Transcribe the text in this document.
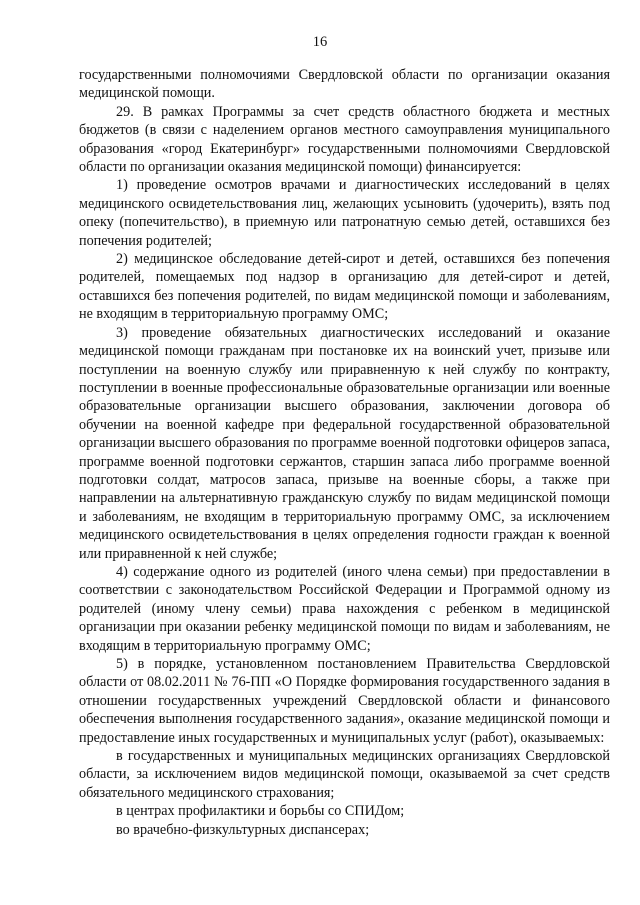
16

государственными полномочиями Свердловской области по организации оказания медицинской помощи.

29. В рамках Программы за счет средств областного бюджета и местных бюджетов (в связи с наделением органов местного самоуправления муниципального образования «город Екатеринбург» государственными полномочиями Свердловской области по организации оказания медицинской помощи) финансируется:

1) проведение осмотров врачами и диагностических исследований в целях медицинского освидетельствования лиц, желающих усыновить (удочерить), взять под опеку (попечительство), в приемную или патронатную семью детей, оставшихся без попечения родителей;

2) медицинское обследование детей-сирот и детей, оставшихся без попечения родителей, помещаемых под надзор в организацию для детей-сирот и детей, оставшихся без попечения родителей, по видам медицинской помощи и заболеваниям, не входящим в территориальную программу ОМС;

3) проведение обязательных диагностических исследований и оказание медицинской помощи гражданам при постановке их на воинский учет, призыве или поступлении на военную службу или приравненную к ней службу по контракту, поступлении в военные профессиональные образовательные организации или военные образовательные организации высшего образования, заключении договора об обучении на военной кафедре при федеральной государственной образовательной организации высшего образования по программе военной подготовки офицеров запаса, программе военной подготовки сержантов, старшин запаса либо программе военной подготовки солдат, матросов запаса, призыве на военные сборы, а также при направлении на альтернативную гражданскую службу по видам медицинской помощи и заболеваниям, не входящим в территориальную программу ОМС, за исключением медицинского освидетельствования в целях определения годности граждан к военной или приравненной к ней службе;

4) содержание одного из родителей (иного члена семьи) при предоставлении в соответствии с законодательством Российской Федерации и Программой одному из родителей (иному члену семьи) права нахождения с ребенком в медицинской организации при оказании ребенку медицинской помощи по видам и заболеваниям, не входящим в территориальную программу ОМС;

5) в порядке, установленном постановлением Правительства Свердловской области от 08.02.2011 № 76-ПП «О Порядке формирования государственного задания в отношении государственных учреждений Свердловской области и финансового обеспечения выполнения государственного задания», оказание медицинской помощи и предоставление иных государственных и муниципальных услуг (работ), оказываемых:

в государственных и муниципальных медицинских организациях Свердловской области, за исключением видов медицинской помощи, оказываемой за счет средств обязательного медицинского страхования;

в центрах профилактики и борьбы со СПИДом;

во врачебно-физкультурных диспансерах;
